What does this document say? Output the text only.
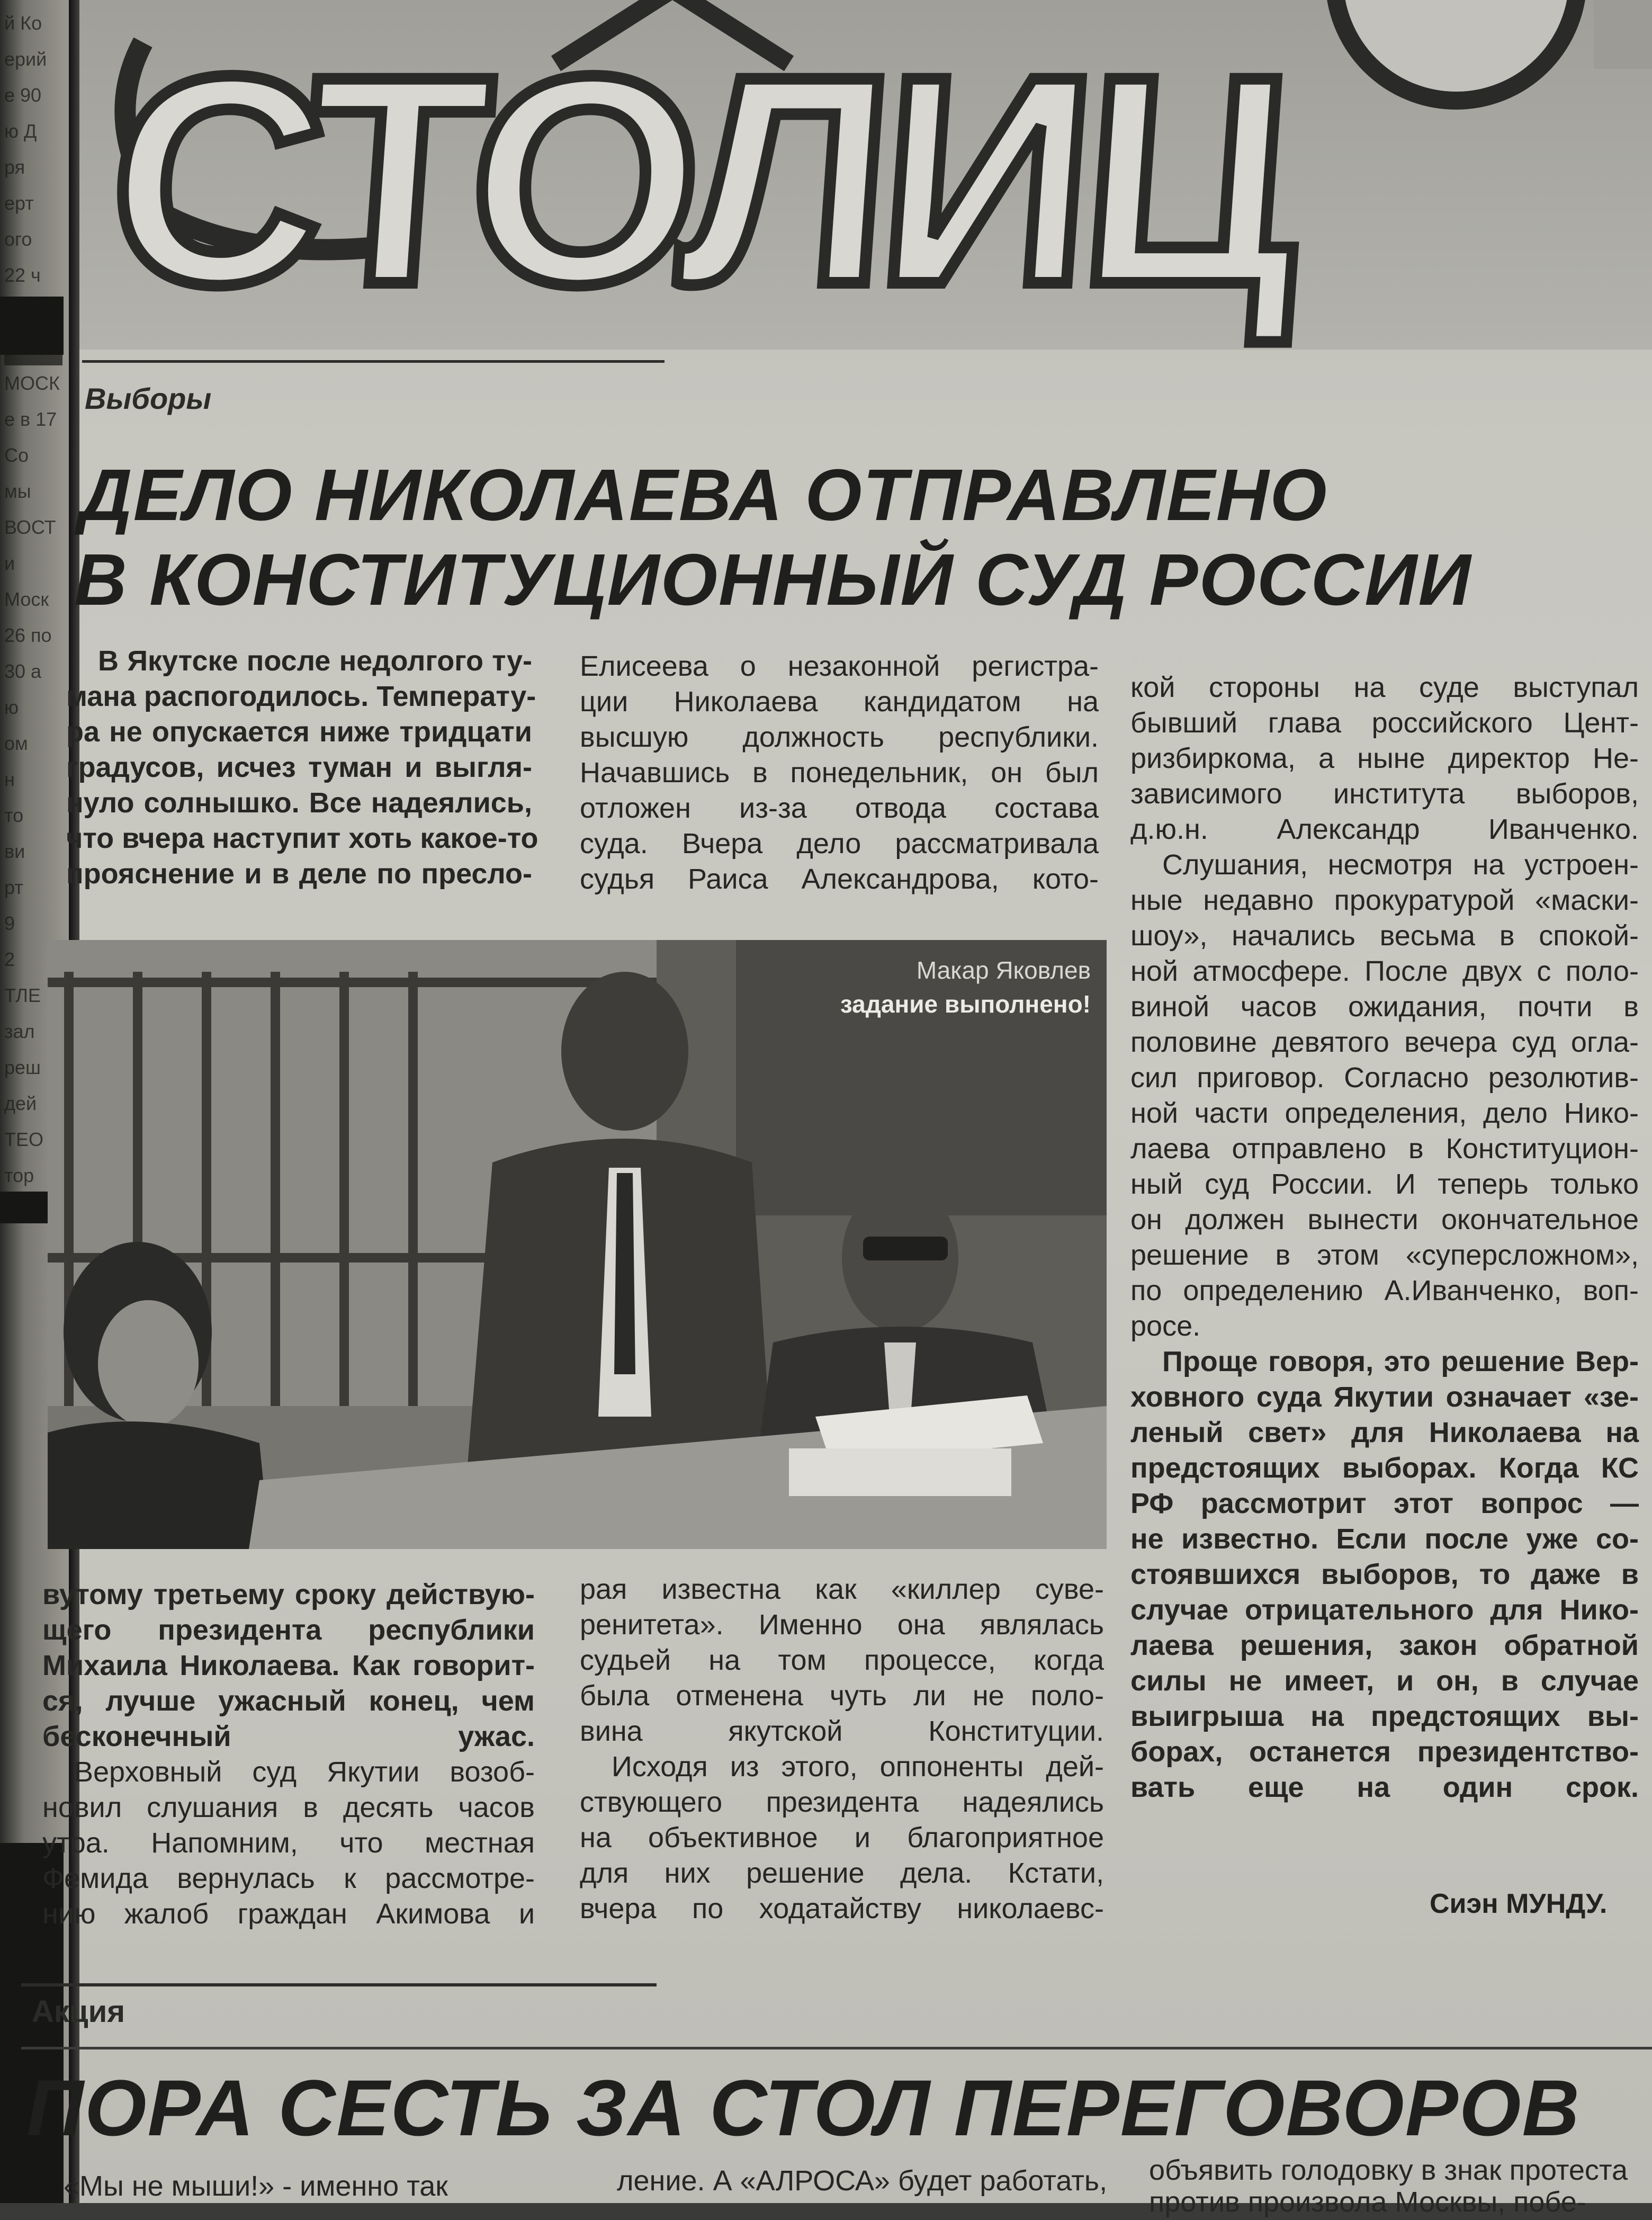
й Ко
ерий
е 90
ю Д
ря
ерт
ого
22 ч
МОСК
е в 17
Со
мы
ВОСТ
и
Моск
26 по
30 а
ю
ом
н
то
ви
рт
9
2
ТЛЕ
зал
реш
дей
ТЕО
тор
СТОЛИЦ
Выборы
ДЕЛО НИКОЛАЕВА ОТПРАВЛЕНО
В КОНСТИТУЦИОННЫЙ СУД РОССИИ
В Якутске после недолгого ту-
мана распогодилось. Температу-
ра не опускается ниже тридцати
градусов, исчез туман и выгля-
нуло солнышко. Все надеялись,
что вчера наступит хоть какое-то
прояснение и в деле по пресло-
Елисеева о незаконной регистра-
ции Николаева кандидатом на
высшую должность республики.
Начавшись в понедельник, он был
отложен из-за отвода состава
суда. Вчера дело рассматривала
судья Раиса Александрова, кото-
кой стороны на суде выступал
бывший глава российского Цент-
ризбиркома, а ныне директор Не-
зависимого института выборов,
д.ю.н. Александр Иванченко.
Слушания, несмотря на устроен-
ные недавно прокуратурой «маски-
шоу», начались весьма в спокой-
ной атмосфере. После двух с поло-
виной часов ожидания, почти в
половине девятого вечера суд огла-
сил приговор. Согласно резолютив-
ной части определения, дело Нико-
лаева отправлено в Конституцион-
ный суд России. И теперь только
он должен вынести окончательное
решение в этом «суперсложном»,
по определению А.Иванченко, воп-
росе.
Проще говоря, это решение Вер-
ховного суда Якутии означает «зе-
леный свет» для Николаева на
предстоящих выборах. Когда КС
РФ рассмотрит этот вопрос —
не известно. Если после уже со-
стоявшихся выборов, то даже в
случае отрицательного для Нико-
лаева решения, закон обратной
силы не имеет, и он, в случае
выигрыша на предстоящих вы-
борах, останется президентство-
вать еще на один срок.
Макар Яковлев
задание выполнено!
вутому третьему сроку действую-
щего президента республики
Михаила Николаева. Как говорит-
ся, лучше ужасный конец, чем
бесконечный ужас.
Верховный суд Якутии возоб-
новил слушания в десять часов
утра. Напомним, что местная
Фемида вернулась к рассмотре-
нию жалоб граждан Акимова и
рая известна как «киллер суве-
ренитета». Именно она являлась
судьей на том процессе, когда
была отменена чуть ли не поло-
вина якутской Конституции.
Исходя из этого, оппоненты дей-
ствующего президента надеялись
на объективное и благоприятное
для них решение дела. Кстати,
вчера по ходатайству николаевс-	Сиэн МУНДУ.
Акция
ПОРА СЕСТЬ ЗА СТОЛ ПЕРЕГОВОРОВ
«Мы не мыши!» - именно так	ление. А «АЛРОСА» будет работать,	объявить голодовку в знак протеста
против произвола Москвы, побе-
